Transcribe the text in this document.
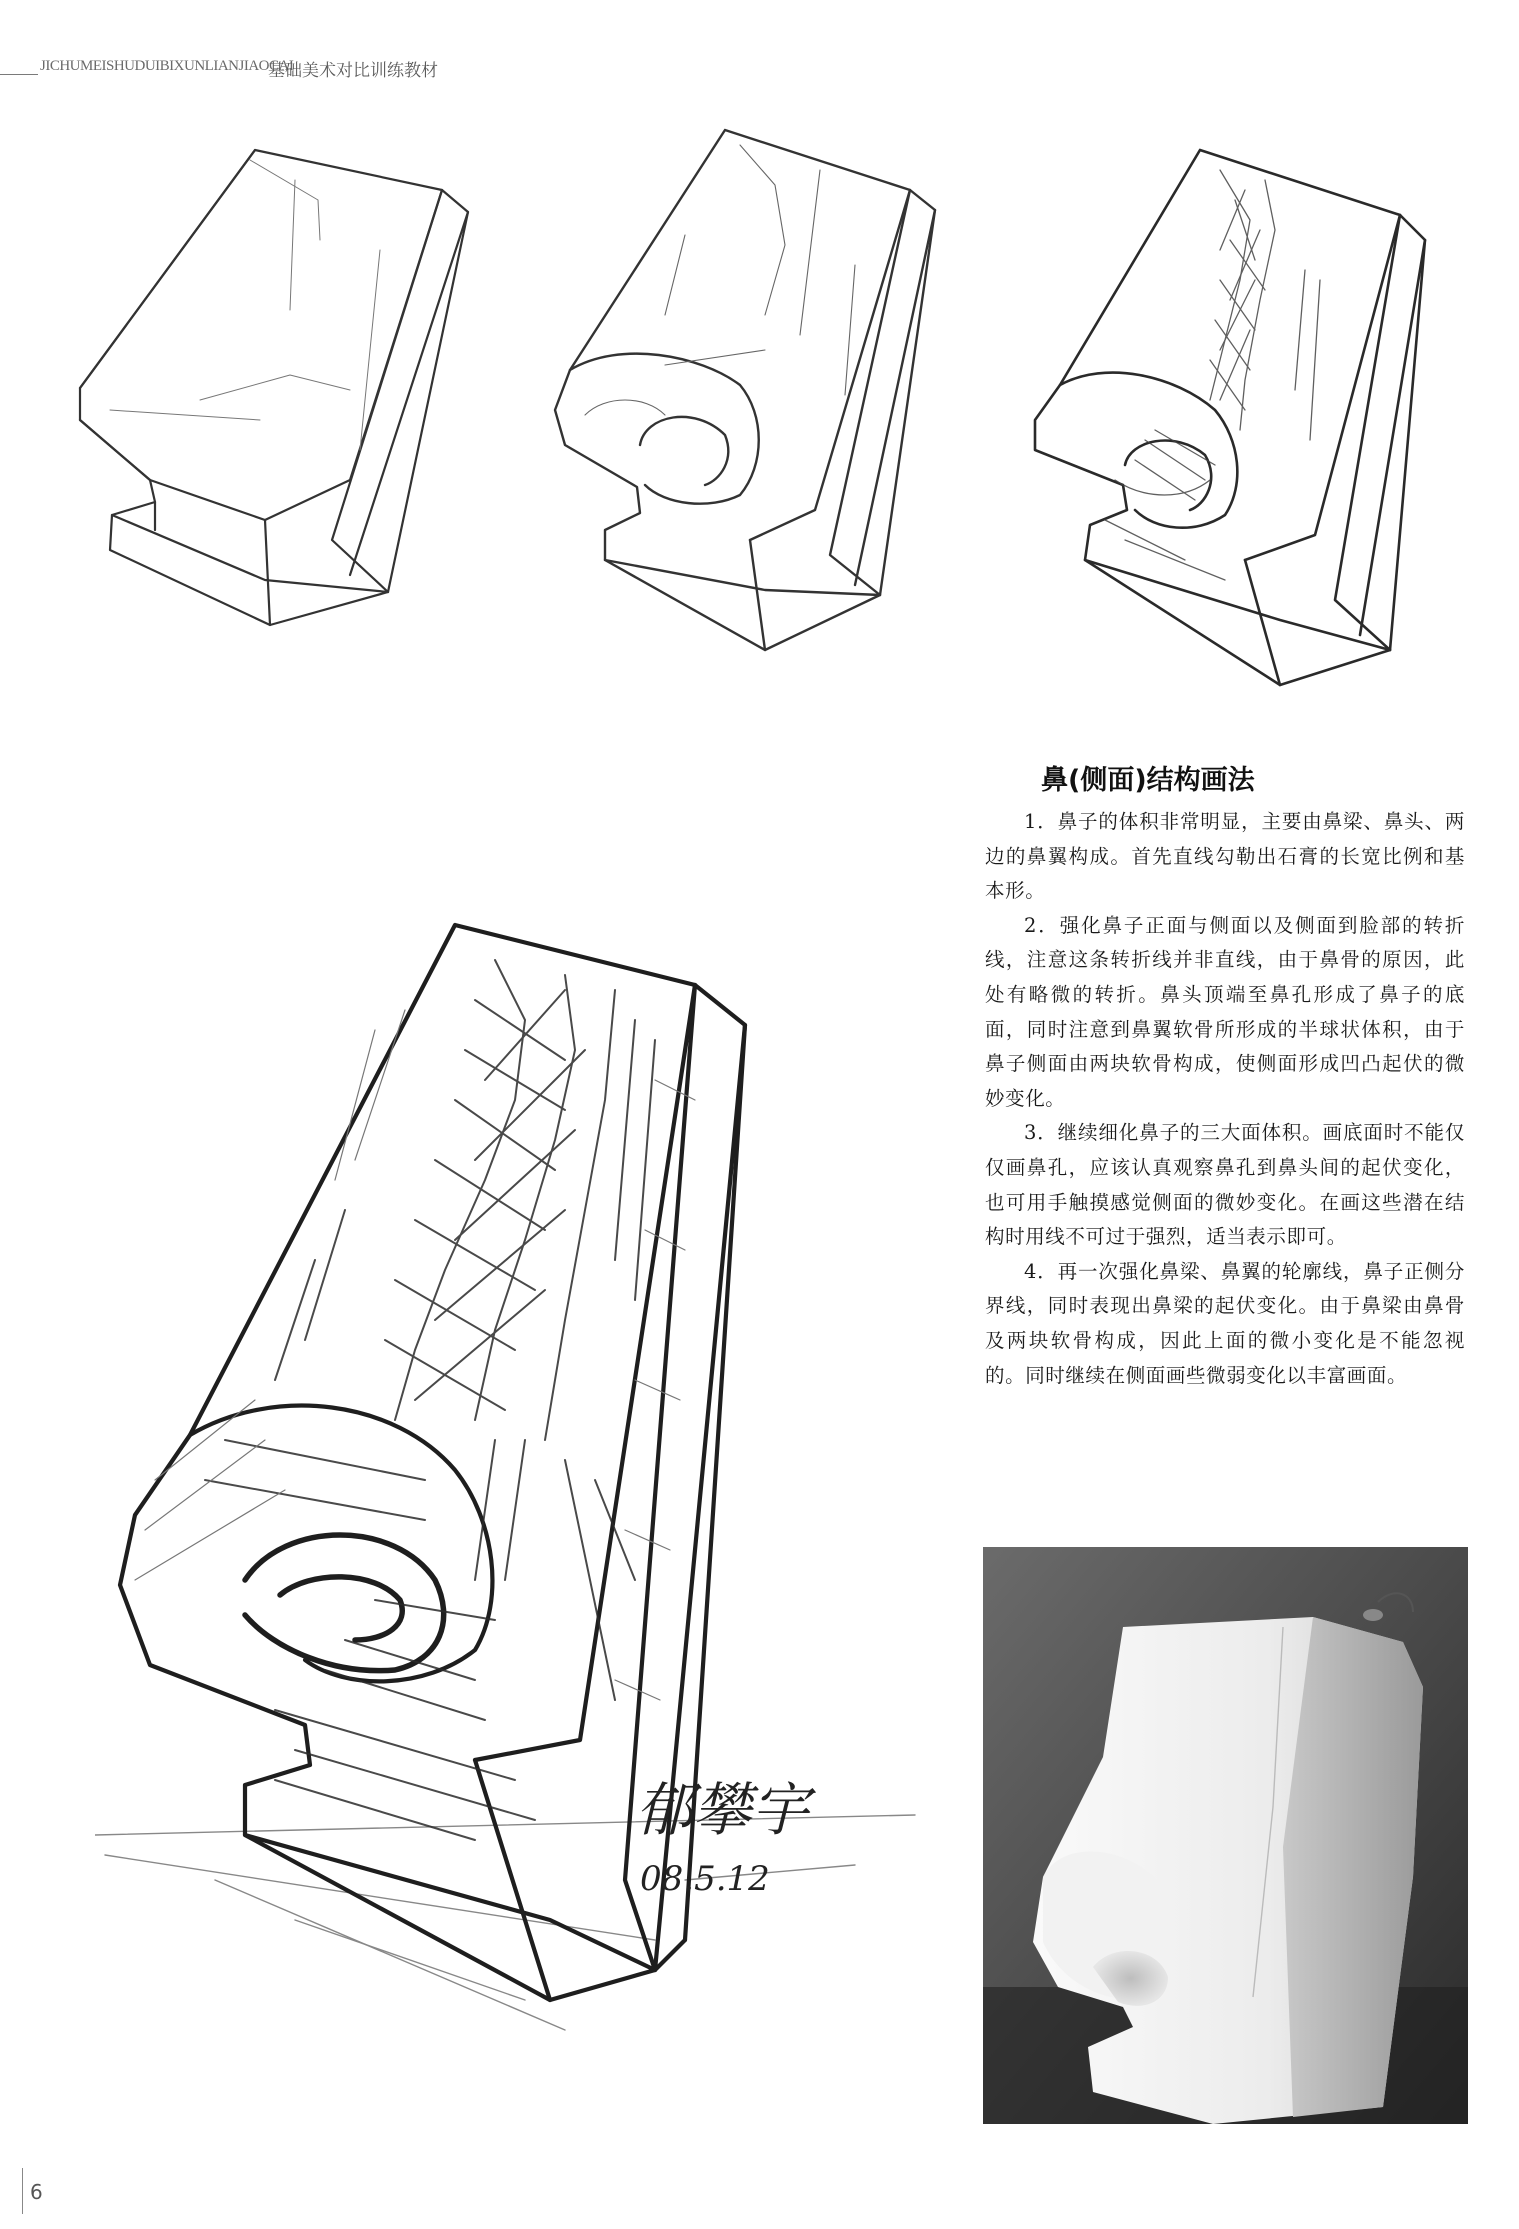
JICHUMEISHUDUIBIXUNLIANJIAOCAI
基础美术对比训练教材
郁攀宇
08.5.12
鼻(侧面)结构画法

1．鼻子的体积非常明显，主要由鼻梁、鼻头、两边的鼻翼构成。首先直线勾勒出石膏的长宽比例和基本形。

2．强化鼻子正面与侧面以及侧面到脸部的转折线，注意这条转折线并非直线，由于鼻骨的原因，此处有略微的转折。鼻头顶端至鼻孔形成了鼻子的底面，同时注意到鼻翼软骨所形成的半球状体积，由于鼻子侧面由两块软骨构成，使侧面形成凹凸起伏的微妙变化。

3．继续细化鼻子的三大面体积。画底面时不能仅仅画鼻孔，应该认真观察鼻孔到鼻头间的起伏变化，也可用手触摸感觉侧面的微妙变化。在画这些潜在结构时用线不可过于强烈，适当表示即可。

4．再一次强化鼻梁、鼻翼的轮廓线，鼻子正侧分界线，同时表现出鼻梁的起伏变化。由于鼻梁由鼻骨及两块软骨构成，因此上面的微小变化是不能忽视的。同时继续在侧面画些微弱变化以丰富画面。

6
